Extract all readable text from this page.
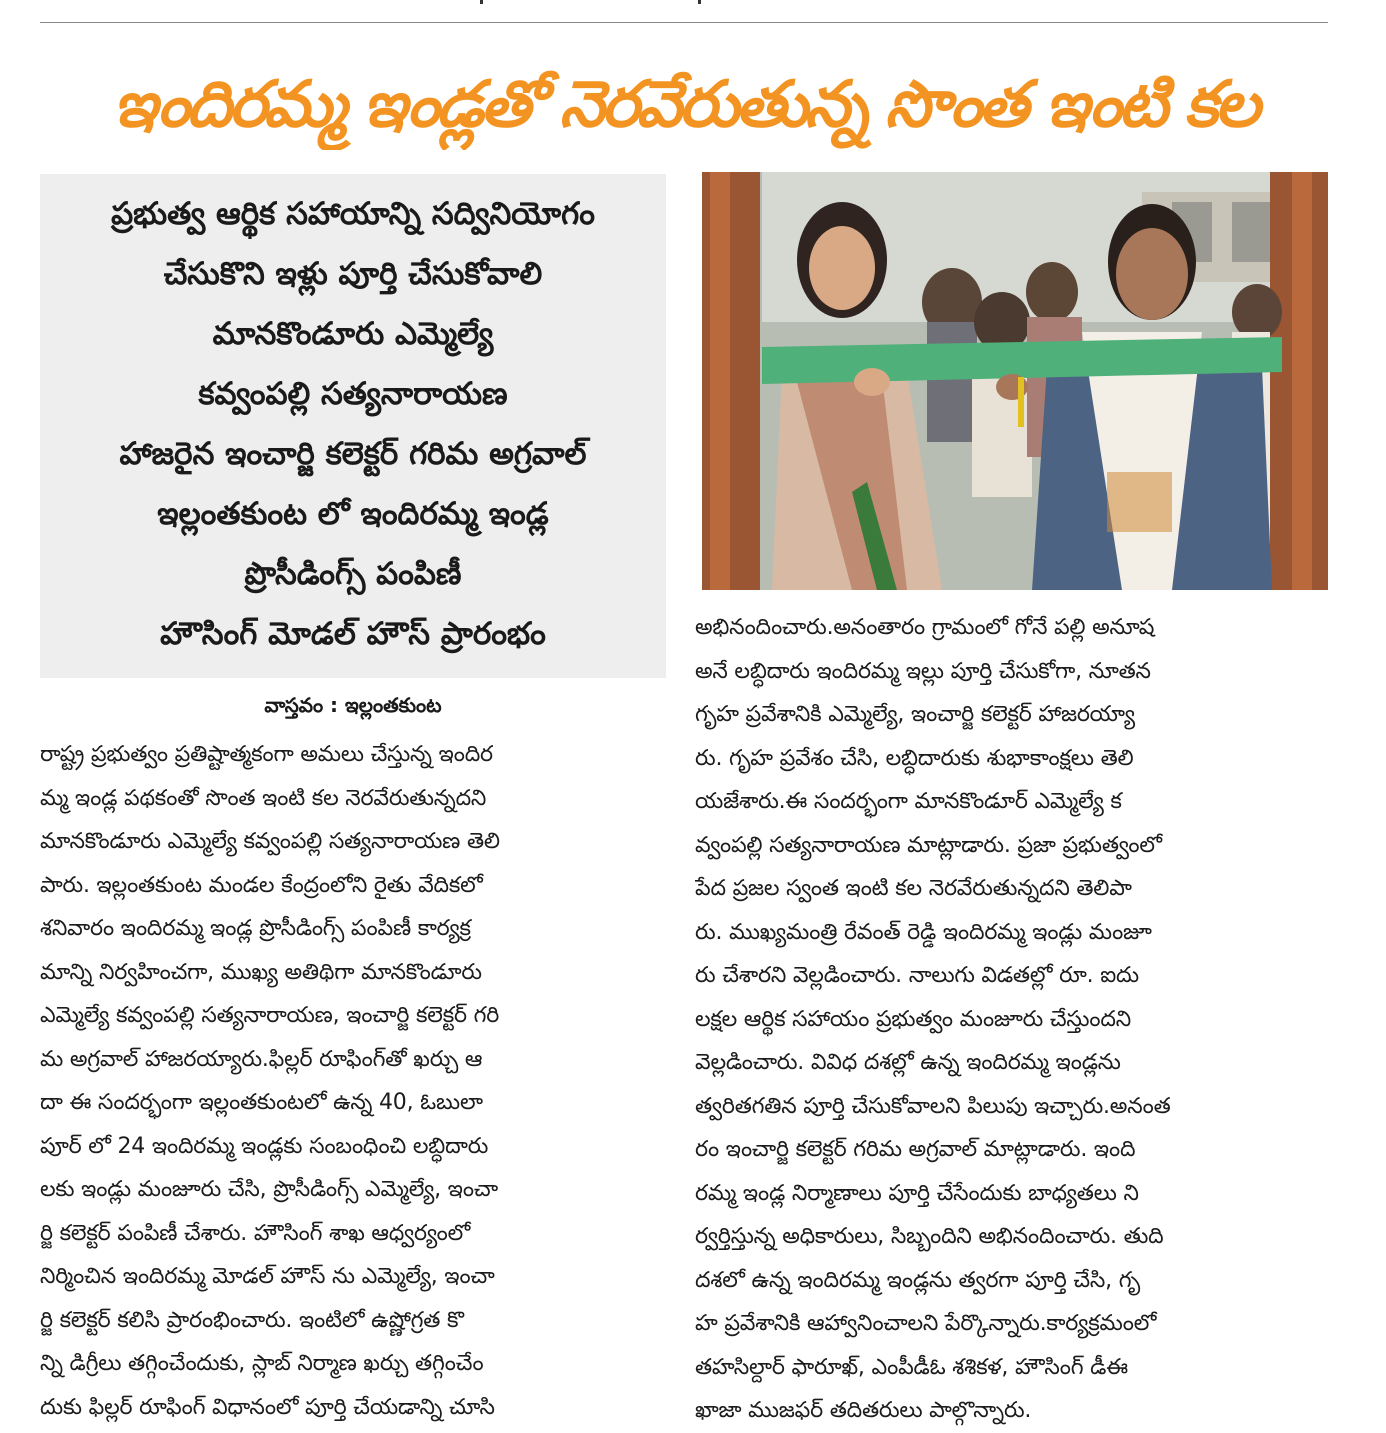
ఇందిరమ్మ ఇండ్లతో నెరవేరుతున్న సొంత ఇంటి కల
ప్రభుత్వ ఆర్థిక సహాయాన్ని సద్వినియోగం
చేసుకొని ఇళ్లు పూర్తి చేసుకోవాలి
మానకొండూరు ఎమ్మెల్యే
కవ్వంపల్లి సత్యనారాయణ
హాజరైన ఇంచార్జి కలెక్టర్ గరిమ అగ్రవాల్
ఇల్లంతకుంట లో ఇందిరమ్మ ఇండ్ల
ప్రొసీడింగ్స్ పంపిణీ
హౌసింగ్ మోడల్ హౌస్ ప్రారంభం
వాస్తవం : ఇల్లంతకుంట
రాష్ట్ర ప్రభుత్వం ప్రతిష్టాత్మకంగా అమలు చేస్తున్న ఇందిర
మ్మ ఇండ్ల పథకంతో సొంత ఇంటి కల నెరవేరుతున్నదని
మానకొండూరు ఎమ్మెల్యే కవ్వంపల్లి సత్యనారాయణ తెలి
పారు. ఇల్లంతకుంట మండల కేంద్రంలోని రైతు వేదికలో
శనివారం ఇందిరమ్మ ఇండ్ల ప్రొసీడింగ్స్ పంపిణీ కార్యక్ర
మాన్ని నిర్వహించగా, ముఖ్య అతిథిగా మానకొండూరు
ఎమ్మెల్యే కవ్వంపల్లి సత్యనారాయణ, ఇంచార్జి కలెక్టర్ గరి
మ అగ్రవాల్ హాజరయ్యారు.ఫిల్లర్ రూఫింగ్‌తో ఖర్చు ఆ
దా ఈ సందర్భంగా ఇల్లంతకుంటలో ఉన్న 40, ఓబులా
పూర్ లో 24 ఇందిరమ్మ ఇండ్లకు సంబంధించి లబ్ధిదారు
లకు ఇండ్లు మంజూరు చేసి, ప్రొసీడింగ్స్ ఎమ్మెల్యే, ఇంచా
ర్జి కలెక్టర్ పంపిణీ చేశారు. హౌసింగ్ శాఖ ఆధ్వర్యంలో
నిర్మించిన ఇందిరమ్మ మోడల్ హౌస్ ను ఎమ్మెల్యే, ఇంచా
ర్జి కలెక్టర్ కలిసి ప్రారంభించారు. ఇంటిలో ఉష్ణోగ్రత కొ
న్ని డిగ్రీలు తగ్గించేందుకు, స్లాబ్ నిర్మాణ ఖర్చు తగ్గించేం
దుకు ఫిల్లర్ రూఫింగ్ విధానంలో పూర్తి చేయడాన్ని చూసి
అభినందించారు.అనంతారం గ్రామంలో గోనే పల్లి అనూష
అనే లబ్ధిదారు ఇందిరమ్మ ఇల్లు పూర్తి చేసుకోగా, నూతన
గృహ ప్రవేశానికి ఎమ్మెల్యే, ఇంచార్జి కలెక్టర్ హాజరయ్యా
రు. గృహ ప్రవేశం చేసి, లబ్ధిదారుకు శుభాకాంక్షలు తెలి
యజేశారు.ఈ సందర్భంగా మానకొండూర్ ఎమ్మెల్యే క
వ్వంపల్లి సత్యనారాయణ మాట్లాడారు. ప్రజా ప్రభుత్వంలో
పేద ప్రజల స్వంత ఇంటి కల నెరవేరుతున్నదని తెలిపా
రు. ముఖ్యమంత్రి రేవంత్ రెడ్డి ఇందిరమ్మ ఇండ్లు మంజూ
రు చేశారని వెల్లడించారు. నాలుగు విడతల్లో రూ. ఐదు
లక్షల ఆర్థిక సహాయం ప్రభుత్వం మంజూరు చేస్తుందని
వెల్లడించారు. వివిధ దశల్లో ఉన్న ఇందిరమ్మ ఇండ్లను
త్వరితగతిన పూర్తి చేసుకోవాలని పిలుపు ఇచ్చారు.అనంత
రం ఇంచార్జి కలెక్టర్ గరిమ అగ్రవాల్ మాట్లాడారు. ఇంది
రమ్మ ఇండ్ల నిర్మాణాలు పూర్తి చేసేందుకు బాధ్యతలు ని
ర్వర్తిస్తున్న అధికారులు, సిబ్బందిని అభినందించారు. తుది
దశలో ఉన్న ఇందిరమ్మ ఇండ్లను త్వరగా పూర్తి చేసి, గృ
హ ప్రవేశానికి ఆహ్వానించాలని పేర్కొన్నారు.కార్యక్రమంలో
తహసిల్దార్ ఫారూఖ్, ఎంపీడీఓ శశికళ, హౌసింగ్ డీఈ
ఖాజా ముజఫర్ తదితరులు పాల్గొన్నారు.
